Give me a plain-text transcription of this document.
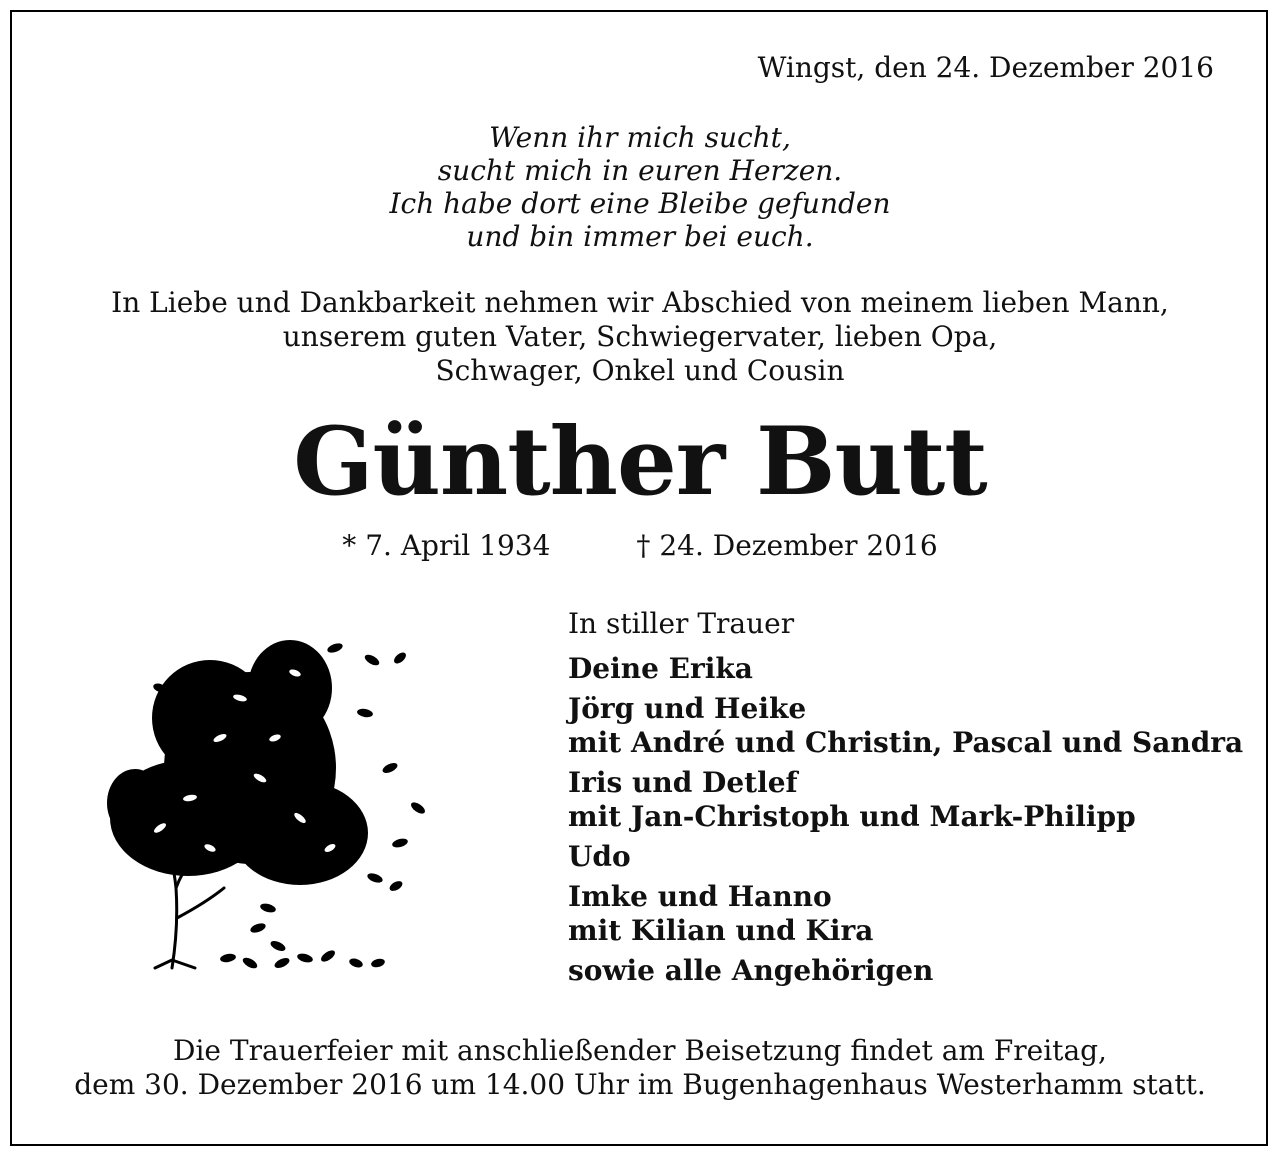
Wingst, den 24. Dezember 2016

Wenn ihr mich sucht,
sucht mich in euren Herzen.
Ich habe dort eine Bleibe gefunden
und bin immer bei euch.
In Liebe und Dankbarkeit nehmen wir Abschied von meinem lieben Mann,
unserem guten Vater, Schwiegervater, lieben Opa,
Schwager, Onkel und Cousin
Günther Butt
* 7. April 1934	† 24. Dezember 2016
In stiller Trauer
Deine Erika
Jörg und Heike
mit André und Christin, Pascal und Sandra
Iris und Detlef
mit Jan-Christoph und Mark-Philipp
Udo
Imke und Hanno
mit Kilian und Kira
sowie alle Angehörigen
Die Trauerfeier mit anschließender Beisetzung findet am Freitag,
dem 30. Dezember 2016 um 14.00 Uhr im Bugenhagenhaus Westerhamm statt.
